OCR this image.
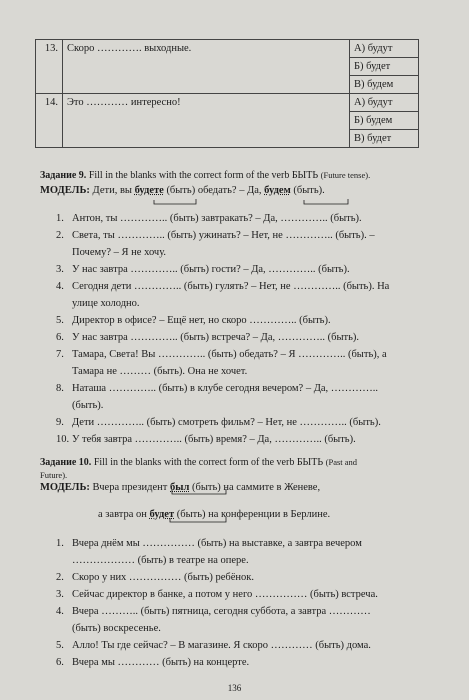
13.	Скоро …………. выходные.	А) будут
		Б) будет
		В) будем
14.	Это ………… интересно!	А) будут
		Б) будем
		В) будет
Задание 9. Fill in the blanks with the correct form of the verb БЫТЬ (Future tense).
МОДЕЛЬ: Дети, вы будете (быть) обедать? – Да, будем (быть).
1. Антон, ты ………….. (быть) завтракать? – Да, ………….. (быть).
2. Света, ты ………….. (быть) ужинать? – Нет, не ………….. (быть). –
Почему? – Я не хочу.
3. У нас завтра ………….. (быть) гости? – Да, ………….. (быть).
4. Сегодня дети ………….. (быть) гулять? – Нет, не ………….. (быть). На
улице холодно.
5. Директор в офисе? – Ещё нет, но скоро ………….. (быть).
6. У нас завтра ………….. (быть) встреча? – Да, ………….. (быть).
7. Тамара, Света! Вы ………….. (быть) обедать? – Я ………….. (быть), а
Тамара не ……… (быть). Она не хочет.
8. Наташа ………….. (быть) в клубе сегодня вечером? – Да, …………..
(быть).
9. Дети ………….. (быть) смотреть фильм? – Нет, не ………….. (быть).
10. У тебя завтра ………….. (быть) время? – Да, ………….. (быть).
Задание 10. Fill in the blanks with the correct form of the verb БЫТЬ (Past and
Future).
МОДЕЛЬ: Вчера президент был (быть) на саммите в Женеве,
а завтра он будет (быть) на конференции в Берлине.
1. Вчера днём мы …………… (быть) на выставке, а завтра вечером
……………… (быть) в театре на опере.
2. Скоро у них …………… (быть) ребёнок.
3. Сейчас директор в банке, а потом у него …………… (быть) встреча.
4. Вчера ……….. (быть) пятница, сегодня суббота, а завтра …………
(быть) воскресенье.
5. Алло! Ты где сейчас? – В магазине. Я скоро ………… (быть) дома.
6. Вчера мы ………… (быть) на концерте.
136
